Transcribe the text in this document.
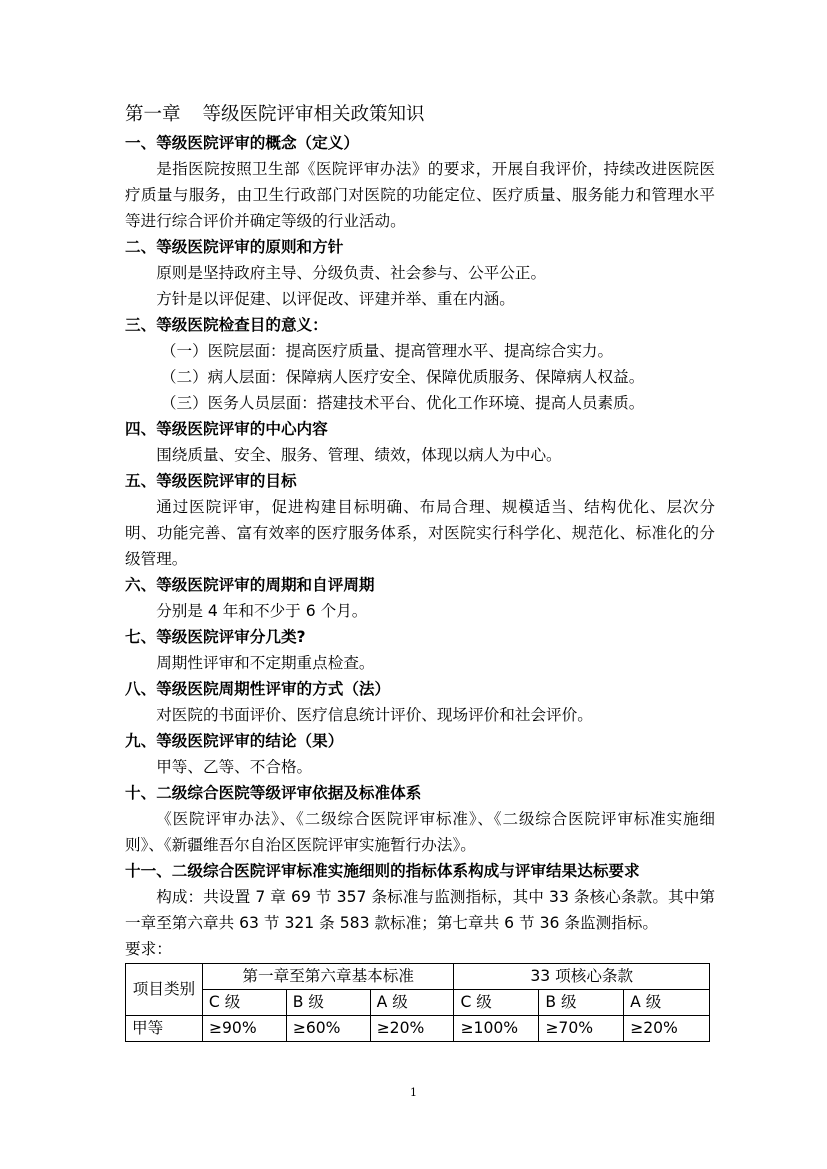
第一章 等级医院评审相关政策知识
一、等级医院评审的概念（定义）
是指医院按照卫生部《医院评审办法》的要求，开展自我评价，持续改进医院医疗质量与服务，由卫生行政部门对医院的功能定位、医疗质量、服务能力和管理水平等进行综合评价并确定等级的行业活动。
二、等级医院评审的原则和方针
原则是坚持政府主导、分级负责、社会参与、公平公正。
方针是以评促建、以评促改、评建并举、重在内涵。
三、等级医院检查目的意义：
（一）医院层面：提高医疗质量、提高管理水平、提高综合实力。
（二）病人层面：保障病人医疗安全、保障优质服务、保障病人权益。
（三）医务人员层面：搭建技术平台、优化工作环境、提高人员素质。
四、等级医院评审的中心内容
围绕质量、安全、服务、管理、绩效，体现以病人为中心。
五、等级医院评审的目标
通过医院评审，促进构建目标明确、布局合理、规模适当、结构优化、层次分明、功能完善、富有效率的医疗服务体系，对医院实行科学化、规范化、标准化的分级管理。
六、等级医院评审的周期和自评周期
分别是 4 年和不少于 6 个月。
七、等级医院评审分几类?
周期性评审和不定期重点检查。
八、等级医院周期性评审的方式（法）
对医院的书面评价、医疗信息统计评价、现场评价和社会评价。
九、等级医院评审的结论（果）
甲等、乙等、不合格。
十、二级综合医院等级评审依据及标准体系
《医院评审办法》、《二级综合医院评审标准》、《二级综合医院评审标准实施细则》、《新疆维吾尔自治区医院评审实施暂行办法》。
十一、二级综合医院评审标准实施细则的指标体系构成与评审结果达标要求
构成：共设置 7 章 69 节 357 条标准与监测指标，其中 33 条核心条款。其中第一章至第六章共 63 节 321 条 583 款标准；第七章共 6 节 36 条监测指标。
要求：
项目类别	第一章至第六章基本标准			33 项核心条款		
	C 级	B 级	A 级	C 级	B 级	A 级
甲等	≥90%	≥60%	≥20%	≥100%	≥70%	≥20%
1
